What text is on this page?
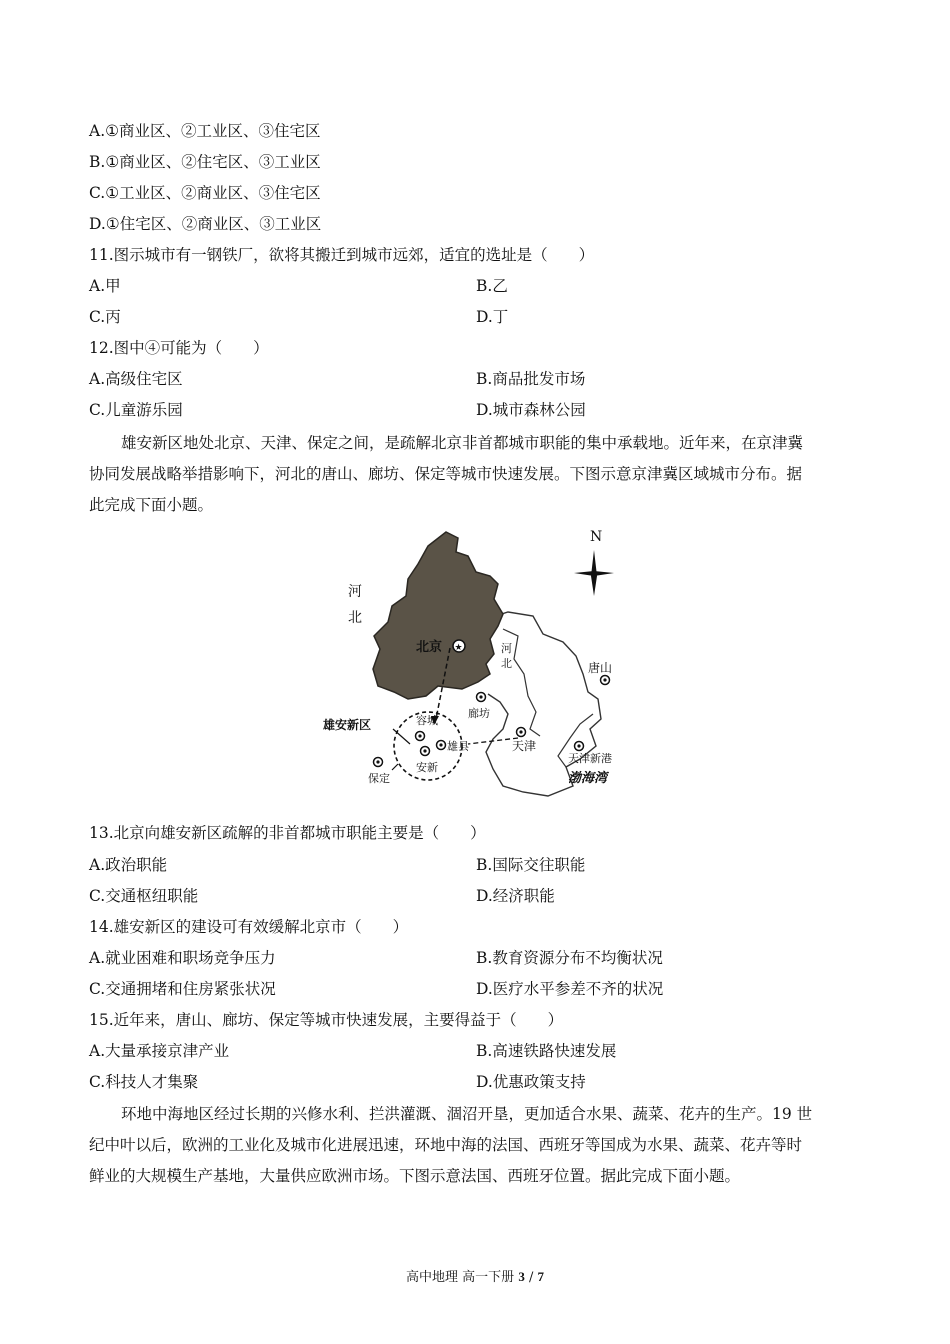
A.①商业区、②工业区、③住宅区
B.①商业区、②住宅区、③工业区
C.①工业区、②商业区、③住宅区
D.①住宅区、②商业区、③工业区
11.图示城市有一钢铁厂，欲将其搬迁到城市远郊，适宜的选址是（　　）
A.甲	B.乙
C.丙	D.丁
12.图中④可能为（　　）
A.高级住宅区	B.商品批发市场
C.儿童游乐园	D.城市森林公园
雄安新区地处北京、天津、保定之间，是疏解北京非首都城市职能的集中承载地。近年来，在京津冀
协同发展战略举措影响下，河北的唐山、廊坊、保定等城市快速发展。下图示意京津冀区域城市分布。据
此完成下面小题。
N
河
北
北京 ★	河
北	唐山
廊坊
雄安新区	容城
雄县
安新
保定
天津
天津新港
渤海湾
13.北京向雄安新区疏解的非首都城市职能主要是（　　）
A.政治职能	B.国际交往职能
C.交通枢纽职能	D.经济职能
14.雄安新区的建设可有效缓解北京市（　　）
A.就业困难和职场竞争压力	B.教育资源分布不均衡状况
C.交通拥堵和住房紧张状况	D.医疗水平参差不齐的状况
15.近年来，唐山、廊坊、保定等城市快速发展，主要得益于（　　）
A.大量承接京津产业	B.高速铁路快速发展
C.科技人才集聚	D.优惠政策支持
环地中海地区经过长期的兴修水利、拦洪灌溉、涸沼开垦，更加适合水果、蔬菜、花卉的生产。19 世
纪中叶以后，欧洲的工业化及城市化进展迅速，环地中海的法国、西班牙等国成为水果、蔬菜、花卉等时
鲜业的大规模生产基地，大量供应欧洲市场。下图示意法国、西班牙位置。据此完成下面小题。
高中地理 高一下册 3 / 7
